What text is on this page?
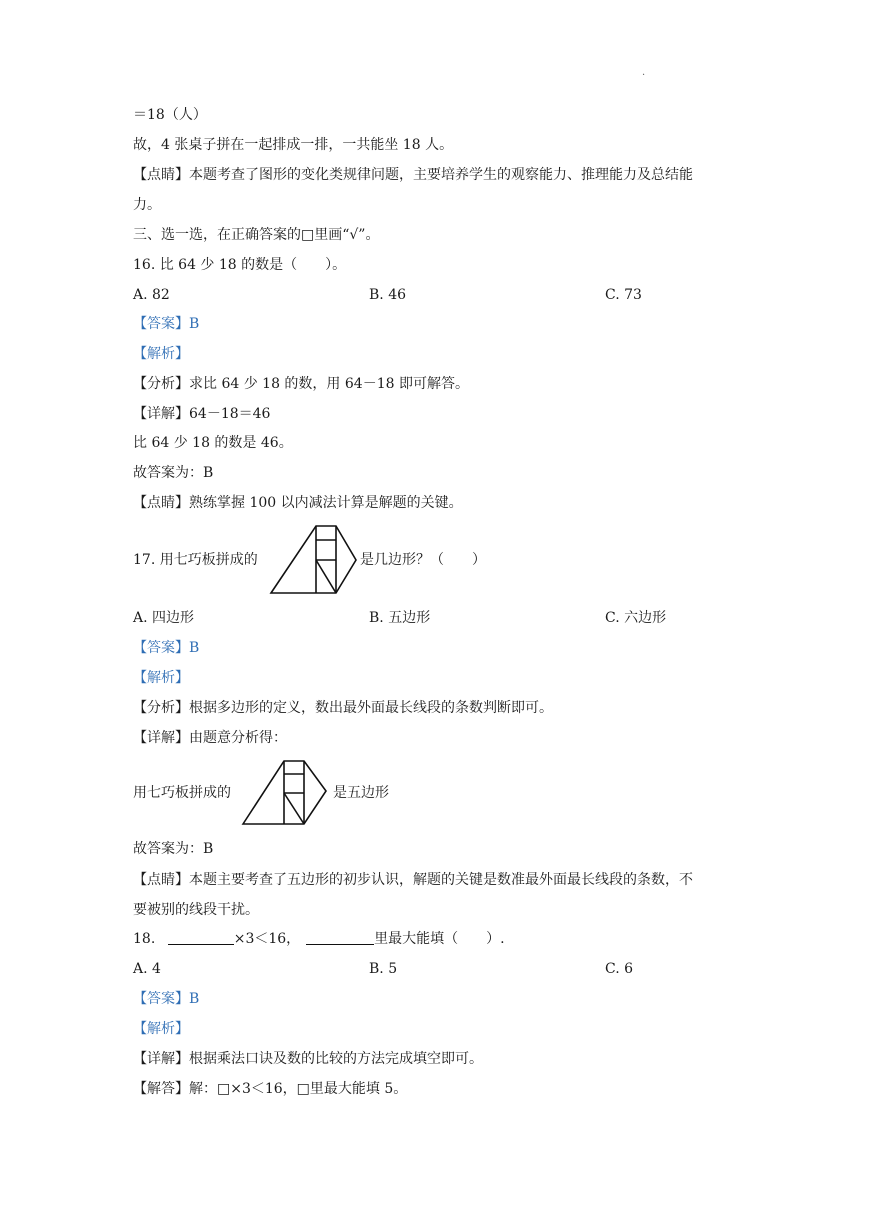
·
＝18（人）
故，4 张桌子拼在一起排成一排，一共能坐 18 人。
【点睛】本题考查了图形的变化类规律问题，主要培养学生的观察能力、推理能力及总结能
力。
三、选一选，在正确答案的□里画“√”。
16. 比 64 少 18 的数是（　　）。
A. 82	B. 46	C. 73
【答案】B
【解析】
【分析】求比 64 少 18 的数，用 64－18 即可解答。
【详解】64－18＝46
比 64 少 18 的数是 46。
故答案为：B
【点睛】熟练掌握 100 以内减法计算是解题的关键。
17. 用七巧板拼成的	是几边形？（　　）
A. 四边形	B. 五边形	C. 六边形
【答案】B
【解析】
【分析】根据多边形的定义，数出最外面最长线段的条数判断即可。
【详解】由题意分析得：
用七巧板拼成的	是五边形
故答案为：B
【点睛】本题主要考查了五边形的初步认识，解题的关键是数准最外面最长线段的条数，不
要被别的线段干扰。
18.	×3＜16，	里最大能填（　　）.
A. 4	B. 5	C. 6
【答案】B
【解析】
【详解】根据乘法口诀及数的比较的方法完成填空即可。
【解答】解：□×3＜16，□里最大能填 5。
